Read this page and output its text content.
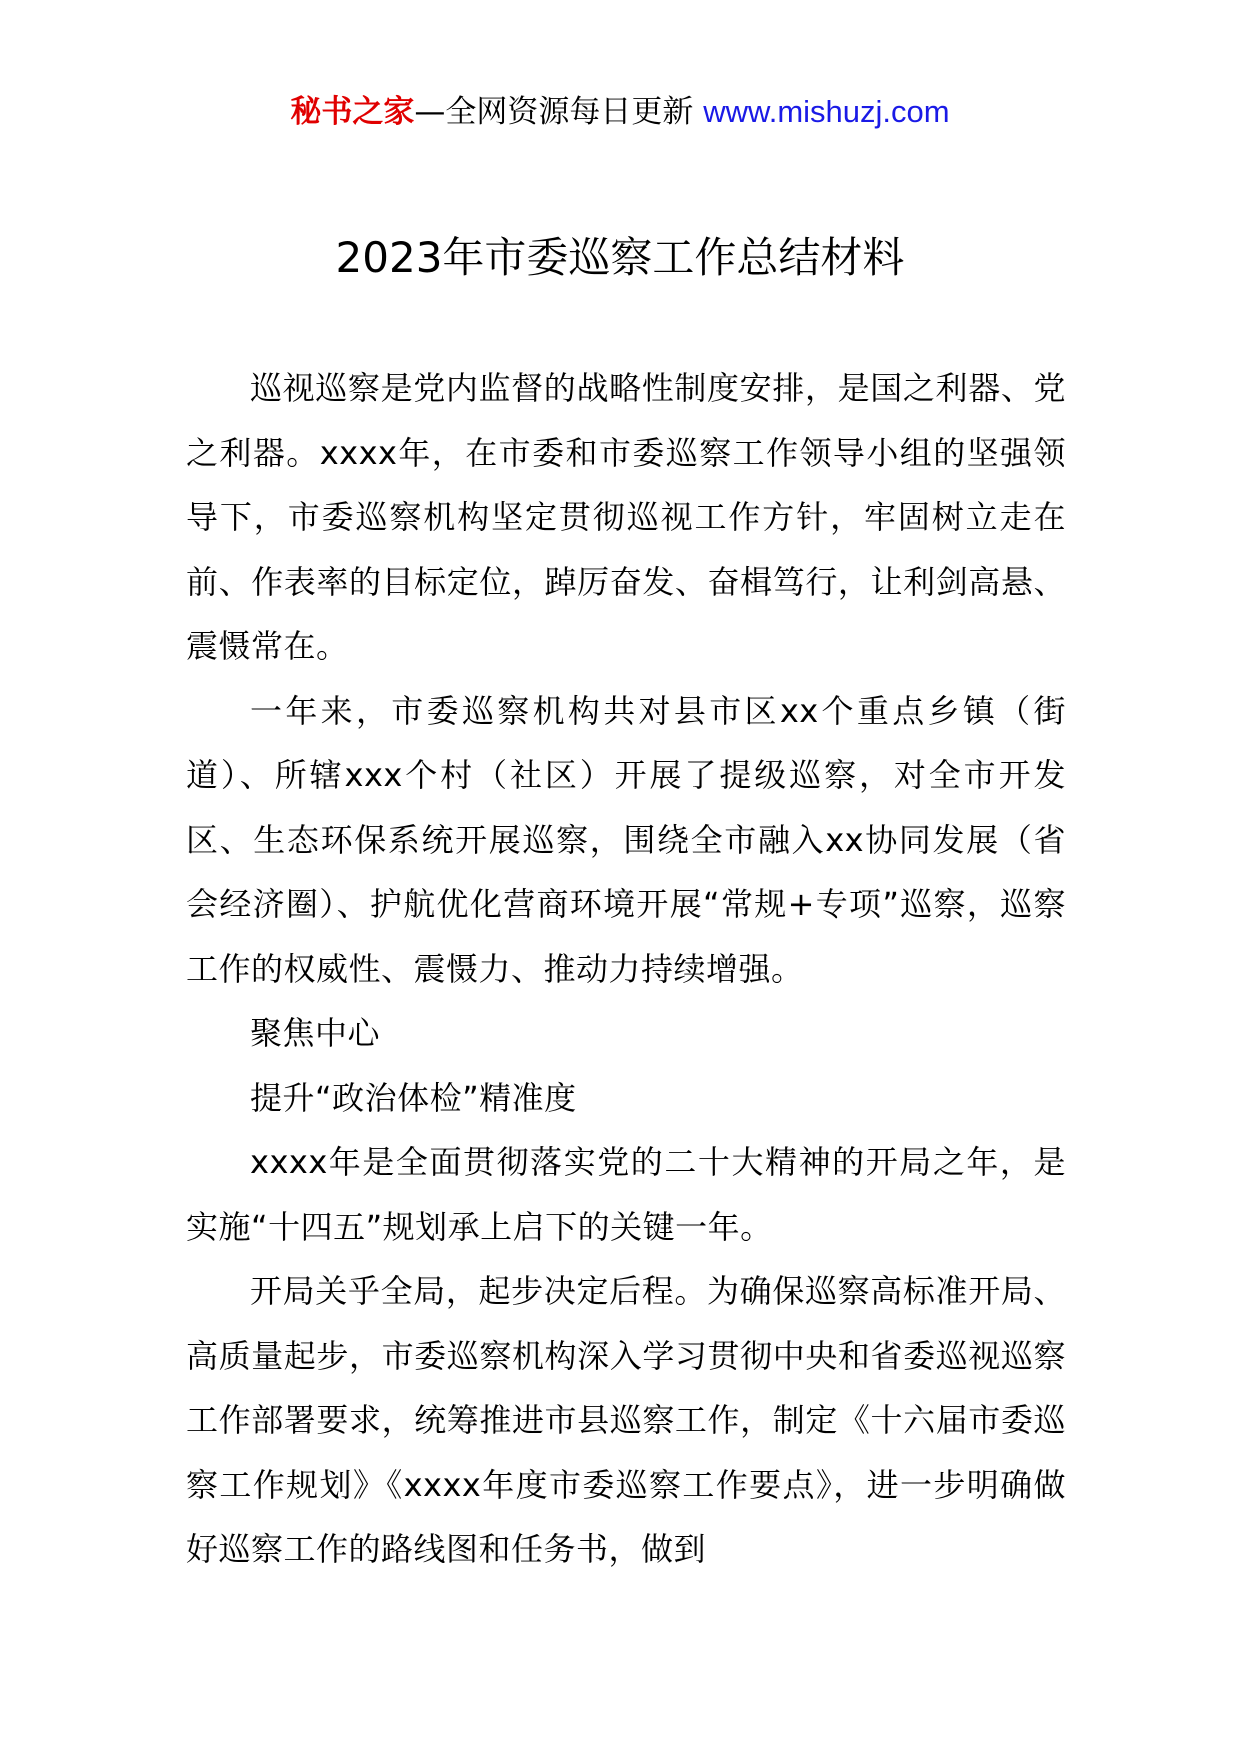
秘书之家—全网资源每日更新 www.mishuzj.com
2023年市委巡察工作总结材料

巡视巡察是党内监督的战略性制度安排，是国之利器、党之利器。xxxx年，在市委和市委巡察工作领导小组的坚强领导下，市委巡察机构坚定贯彻巡视工作方针，牢固树立走在前、作表率的目标定位，踔厉奋发、奋楫笃行，让利剑高悬、震慑常在。

一年来，市委巡察机构共对县市区xx个重点乡镇（街道）、所辖xxx个村（社区）开展了提级巡察，对全市开发区、生态环保系统开展巡察，围绕全市融入xx协同发展（省会经济圈）、护航优化营商环境开展“常规+专项”巡察，巡察工作的权威性、震慑力、推动力持续增强。

聚焦中心

提升“政治体检”精准度

xxxx年是全面贯彻落实党的二十大精神的开局之年，是实施“十四五”规划承上启下的关键一年。

开局关乎全局，起步决定后程。为确保巡察高标准开局、高质量起步，市委巡察机构深入学习贯彻中央和省委巡视巡察工作部署要求，统筹推进市县巡察工作，制定《十六届市委巡察工作规划》《xxxx年度市委巡察工作要点》，进一步明确做好巡察工作的路线图和任务书，做到
